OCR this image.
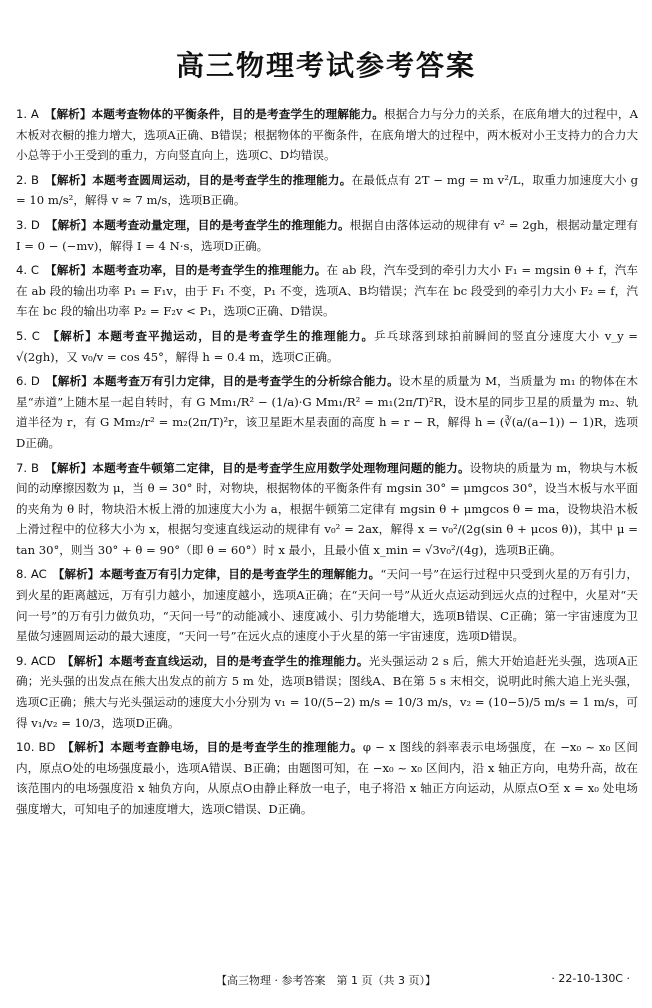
高三物理考试参考答案
1. A　 【解析】本题考查物体的平衡条件，目的是考查学生的理解能力。根据合力与分力的关系，在底角增大的过程中，A木板对衣橱的推力增大，选项A正确、B错误；根据物体的平衡条件，在底角增大的过程中，两木板对小王支持力的合力大小总等于小王受到的重力，方向竖直向上，选项C、D均错误。
2. B　 【解析】本题考查圆周运动，目的是考查学生的推理能力。在最低点有 2T − mg = m v²/L，取重力加速度大小 g = 10 m/s²，解得 v ≈ 7 m/s，选项B正确。
3. D　 【解析】本题考查动量定理，目的是考查学生的推理能力。根据自由落体运动的规律有 v² = 2gh，根据动量定理有 I = 0 − (−mv)，解得 I = 4 N·s，选项D正确。
4. C　 【解析】本题考查功率，目的是考查学生的推理能力。在 ab 段，汽车受到的牵引力大小 F₁ = mgsin θ + f，汽车在 ab 段的输出功率 P₁ = F₁v，由于 F₁ 不变，P₁ 不变，选项A、B均错误；汽车在 bc 段受到的牵引力大小 F₂ = f，汽车在 bc 段的输出功率 P₂ = F₂v < P₁，选项C正确、D错误。
5. C　 【解析】本题考查平抛运动，目的是考查学生的推理能力。乒乓球落到球拍前瞬间的竖直分速度大小 v_y = √(2gh)，又 v₀/v = cos 45°，解得 h = 0.4 m，选项C正确。
6. D　 【解析】本题考查万有引力定律，目的是考查学生的分析综合能力。设木星的质量为 M，当质量为 m₁ 的物体在木星“赤道”上随木星一起自转时，有 G Mm₁/R² − (1/a)·G Mm₁/R² = m₁(2π/T)²R，设木星的同步卫星的质量为 m₂、轨道半径为 r，有 G Mm₂/r² = m₂(2π/T)²r，该卫星距木星表面的高度 h = r − R，解得 h = (∛(a/(a−1)) − 1)R，选项D正确。
7. B　 【解析】本题考查牛顿第二定律，目的是考查学生应用数学处理物理问题的能力。设物块的质量为 m，物块与木板间的动摩擦因数为 μ，当 θ = 30° 时，对物块，根据物体的平衡条件有 mgsin 30° = μmgcos 30°，设当木板与水平面的夹角为 θ 时，物块沿木板上滑的加速度大小为 a，根据牛顿第二定律有 mgsin θ + μmgcos θ = ma，设物块沿木板上滑过程中的位移大小为 x，根据匀变速直线运动的规律有 v₀² = 2ax，解得 x = v₀²/(2g(sin θ + μcos θ))，其中 μ = tan 30°，则当 30° + θ = 90°（即 θ = 60°）时 x 最小，且最小值 x_min = √3v₀²/(4g)，选项B正确。
8. AC　 【解析】本题考查万有引力定律，目的是考查学生的理解能力。“天问一号”在运行过程中只受到火星的万有引力，到火星的距离越远，万有引力越小，加速度越小，选项A正确；在“天问一号”从近火点运动到远火点的过程中，火星对“天问一号”的万有引力做负功，“天问一号”的动能减小、速度减小、引力势能增大，选项B错误、C正确；第一宇宙速度为卫星做匀速圆周运动的最大速度，“天问一号”在远火点的速度小于火星的第一宇宙速度，选项D错误。
9. ACD　 【解析】本题考查直线运动，目的是考查学生的推理能力。光头强运动 2 s 后，熊大开始追赶光头强，选项A正确；光头强的出发点在熊大出发点的前方 5 m 处，选项B错误；图线A、B在第 5 s 末相交，说明此时熊大追上光头强，选项C正确；熊大与光头强运动的速度大小分别为 v₁ = 10/(5−2) m/s = 10/3 m/s，v₂ = (10−5)/5 m/s = 1 m/s，可得 v₁/v₂ = 10/3，选项D正确。
10. BD　 【解析】本题考查静电场，目的是考查学生的推理能力。φ − x 图线的斜率表示电场强度，在 −x₀ ~ x₀ 区间内，原点O处的电场强度最小，选项A错误、B正确；由题图可知，在 −x₀ ~ x₀ 区间内，沿 x 轴正方向，电势升高，故在该范围内的电场强度沿 x 轴负方向，从原点O由静止释放一电子，电子将沿 x 轴正方向运动，从原点O至 x = x₀ 处电场强度增大，可知电子的加速度增大，选项C错误、D正确。
【高三物理 · 参考答案　第 1 页（共 3 页）】	· 22-10-130C ·
